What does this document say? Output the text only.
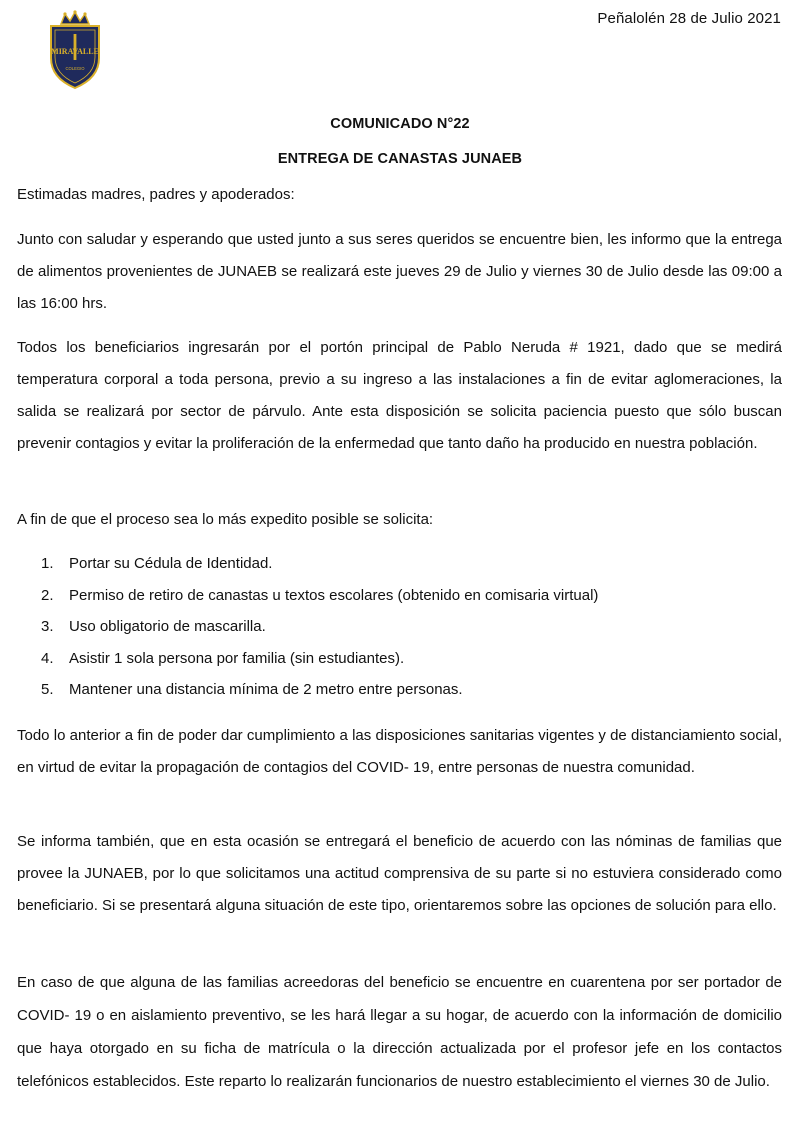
MIRAVALLE
COLEGIO
Peñalolén 28 de Julio 2021
COMUNICADO N°22
ENTREGA DE CANASTAS JUNAEB
Estimadas madres, padres y apoderados:

Junto con saludar y esperando que usted junto a sus seres queridos se encuentre bien, les informo que la entrega de alimentos provenientes de JUNAEB se realizará este jueves 29 de Julio y viernes 30 de Julio desde las 09:00 a las 16:00 hrs.

Todos los beneficiarios ingresarán por el portón principal de Pablo Neruda # 1921, dado que se medirá temperatura corporal a toda persona, previo a su ingreso a las instalaciones a fin de evitar aglomeraciones, la salida se realizará por sector de párvulo. Ante esta disposición se solicita paciencia puesto que sólo buscan prevenir contagios y evitar la proliferación de la enfermedad que tanto daño ha producido en nuestra población.

A fin de que el proceso sea lo más expedito posible se solicita:
1. Portar su Cédula de Identidad.
2. Permiso de retiro de canastas u textos escolares (obtenido en comisaria virtual)
3. Uso obligatorio de mascarilla.
4. Asistir 1 sola persona por familia (sin estudiantes).
5. Mantener una distancia mínima de 2 metro entre personas.

Todo lo anterior a fin de poder dar cumplimiento a las disposiciones sanitarias vigentes y de distanciamiento social, en virtud de evitar la propagación de contagios del COVID- 19, entre personas de nuestra comunidad.

Se informa también, que en esta ocasión se entregará el beneficio de acuerdo con las nóminas de familias que provee la JUNAEB, por lo que solicitamos una actitud comprensiva de su parte si no estuviera considerado como beneficiario. Si se presentará alguna situación de este tipo, orientaremos sobre las opciones de solución para ello.

En caso de que alguna de las familias acreedoras del beneficio se encuentre en cuarentena por ser portador de COVID- 19 o en aislamiento preventivo, se les hará llegar a su hogar, de acuerdo con la información de domicilio que haya otorgado en su ficha de matrícula o la dirección actualizada por el profesor jefe en los contactos telefónicos establecidos. Este reparto lo realizarán funcionarios de nuestro establecimiento el viernes 30 de Julio.
